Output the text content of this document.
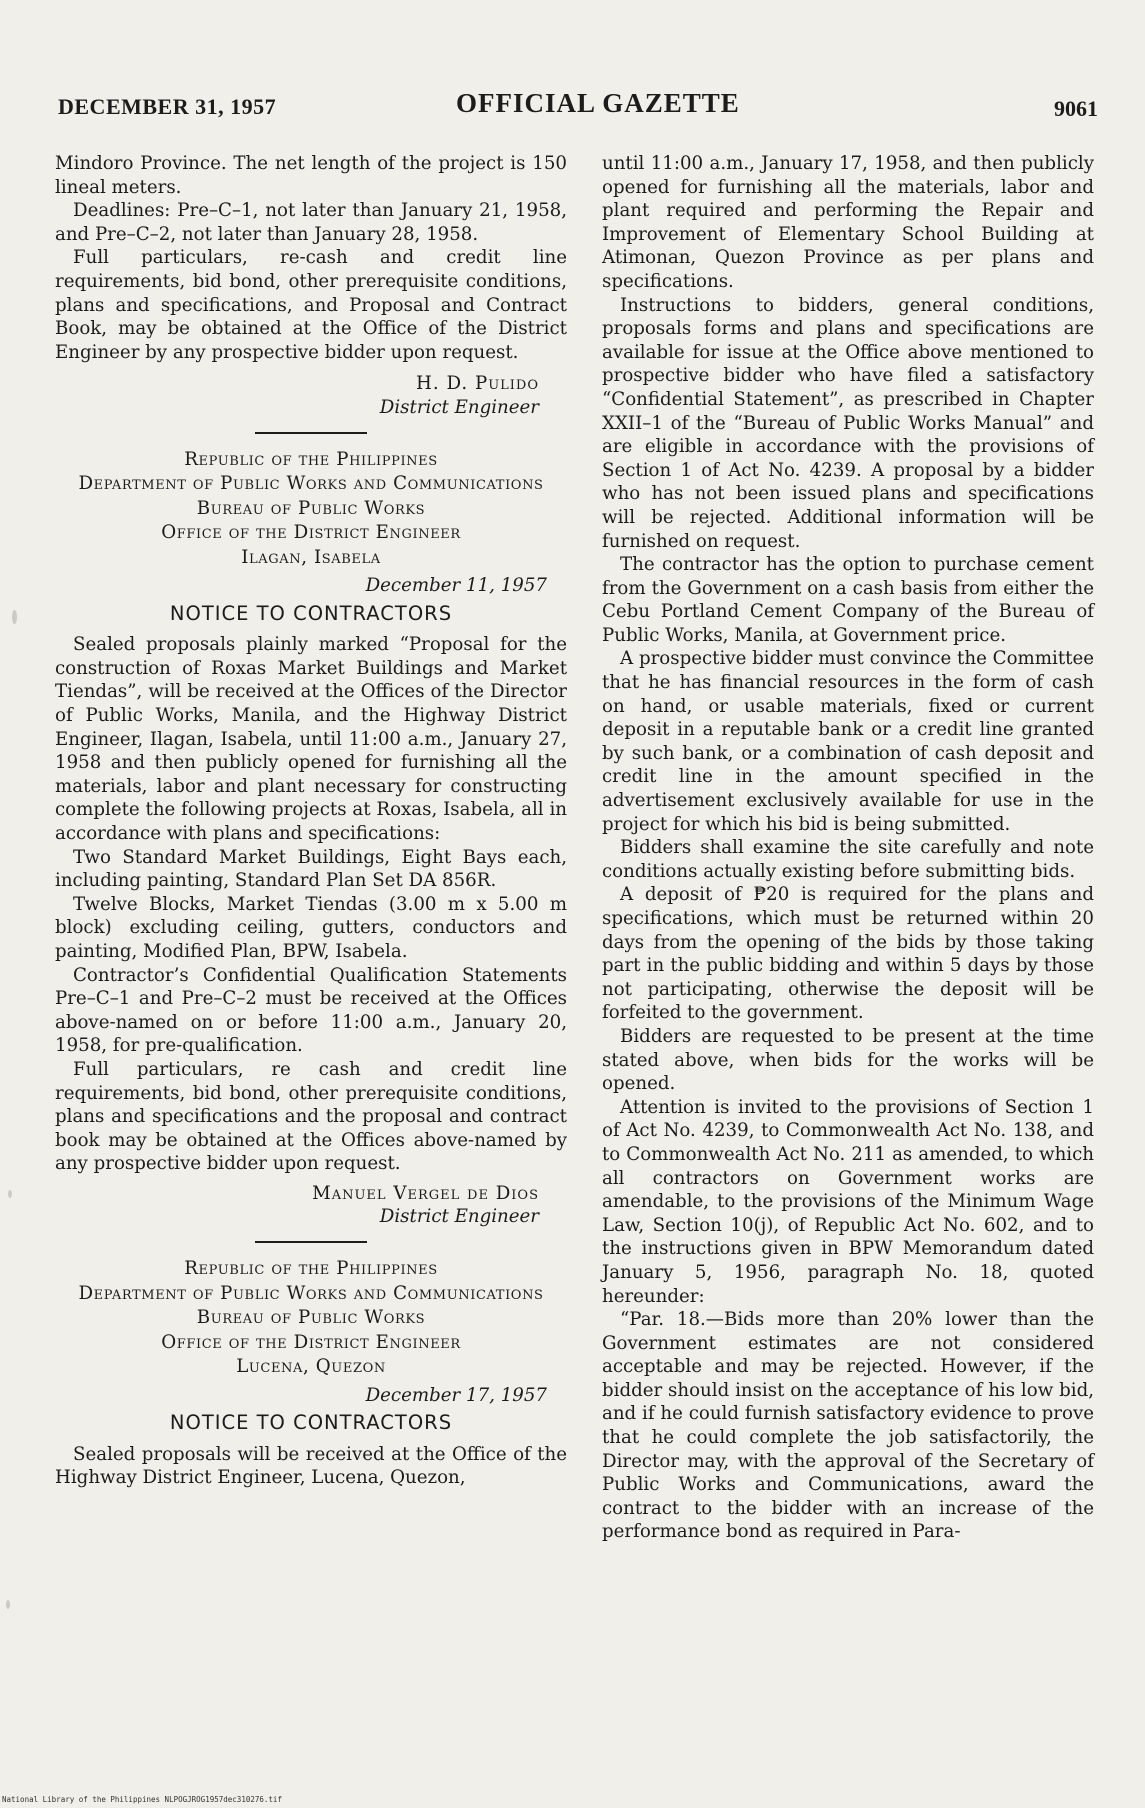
DECEMBER 31, 1957	OFFICIAL GAZETTE	9061

Mindoro Province. The net length of the project is 150 lineal meters.

Deadlines: Pre–C–1, not later than January 21, 1958, and Pre–C–2, not later than January 28, 1958.

Full particulars, re-cash and credit line requirements, bid bond, other prerequisite conditions, plans and specifications, and Proposal and Contract Book, may be obtained at the Office of the District Engineer by any prospective bidder upon request.

H. D. Pulido
District Engineer
Republic of the Philippines
Department of Public Works and Communications
Bureau of Public Works
Office of the District Engineer
Ilagan, Isabela
December 11, 1957
NOTICE TO CONTRACTORS

Sealed proposals plainly marked “Proposal for the construction of Roxas Market Buildings and Market Tiendas”, will be received at the Offices of the Director of Public Works, Manila, and the Highway District Engineer, Ilagan, Isabela, until 11:00 a.m., January 27, 1958 and then publicly opened for furnishing all the materials, labor and plant necessary for constructing complete the following projects at Roxas, Isabela, all in accordance with plans and specifications:

Two Standard Market Buildings, Eight Bays each, including painting, Standard Plan Set DA 856R.

Twelve Blocks, Market Tiendas (3.00 m x 5.00 m block) excluding ceiling, gutters, conductors and painting, Modified Plan, BPW, Isabela.

Contractor’s Confidential Qualification Statements Pre–C–1 and Pre–C–2 must be received at the Offices above-named on or before 11:00 a.m., January 20, 1958, for pre-qualification.

Full particulars, re cash and credit line requirements, bid bond, other prerequisite conditions, plans and specifications and the proposal and contract book may be obtained at the Offices above-named by any prospective bidder upon request.

Manuel Vergel de Dios
District Engineer
Republic of the Philippines
Department of Public Works and Communications
Bureau of Public Works
Office of the District Engineer
Lucena, Quezon
December 17, 1957
NOTICE TO CONTRACTORS

Sealed proposals will be received at the Office of the Highway District Engineer, Lucena, Quezon,

until 11:00 a.m., January 17, 1958, and then publicly opened for furnishing all the materials, labor and plant required and performing the Repair and Improvement of Elementary School Building at Atimonan, Quezon Province as per plans and specifications.

Instructions to bidders, general conditions, proposals forms and plans and specifications are available for issue at the Office above mentioned to prospective bidder who have filed a satisfactory “Confidential Statement”, as prescribed in Chapter XXII–1 of the “Bureau of Public Works Manual” and are eligible in accordance with the provisions of Section 1 of Act No. 4239. A proposal by a bidder who has not been issued plans and specifications will be rejected. Additional information will be furnished on request.

The contractor has the option to purchase cement from the Government on a cash basis from either the Cebu Portland Cement Company of the Bureau of Public Works, Manila, at Government price.

A prospective bidder must convince the Committee that he has financial resources in the form of cash on hand, or usable materials, fixed or current deposit in a reputable bank or a credit line granted by such bank, or a combination of cash deposit and credit line in the amount specified in the advertisement exclusively available for use in the project for which his bid is being submitted.

Bidders shall examine the site carefully and note conditions actually existing before submitting bids.

A deposit of ₱20 is required for the plans and specifications, which must be returned within 20 days from the opening of the bids by those taking part in the public bidding and within 5 days by those not participating, otherwise the deposit will be forfeited to the government.

Bidders are requested to be present at the time stated above, when bids for the works will be opened.

Attention is invited to the provisions of Section 1 of Act No. 4239, to Commonwealth Act No. 138, and to Commonwealth Act No. 211 as amended, to which all contractors on Government works are amendable, to the provisions of the Minimum Wage Law, Section 10(j), of Republic Act No. 602, and to the instructions given in BPW Memorandum dated January 5, 1956, paragraph No. 18, quoted hereunder:

“Par. 18.—Bids more than 20% lower than the Government estimates are not considered acceptable and may be rejected. However, if the bidder should insist on the acceptance of his low bid, and if he could furnish satisfactory evidence to prove that he could complete the job satisfactorily, the Director may, with the approval of the Secretary of Public Works and Communications, award the contract to the bidder with an increase of the performance bond as required in Para-

National Library of the Philippines NLPOGJROG1957dec310276.tif
